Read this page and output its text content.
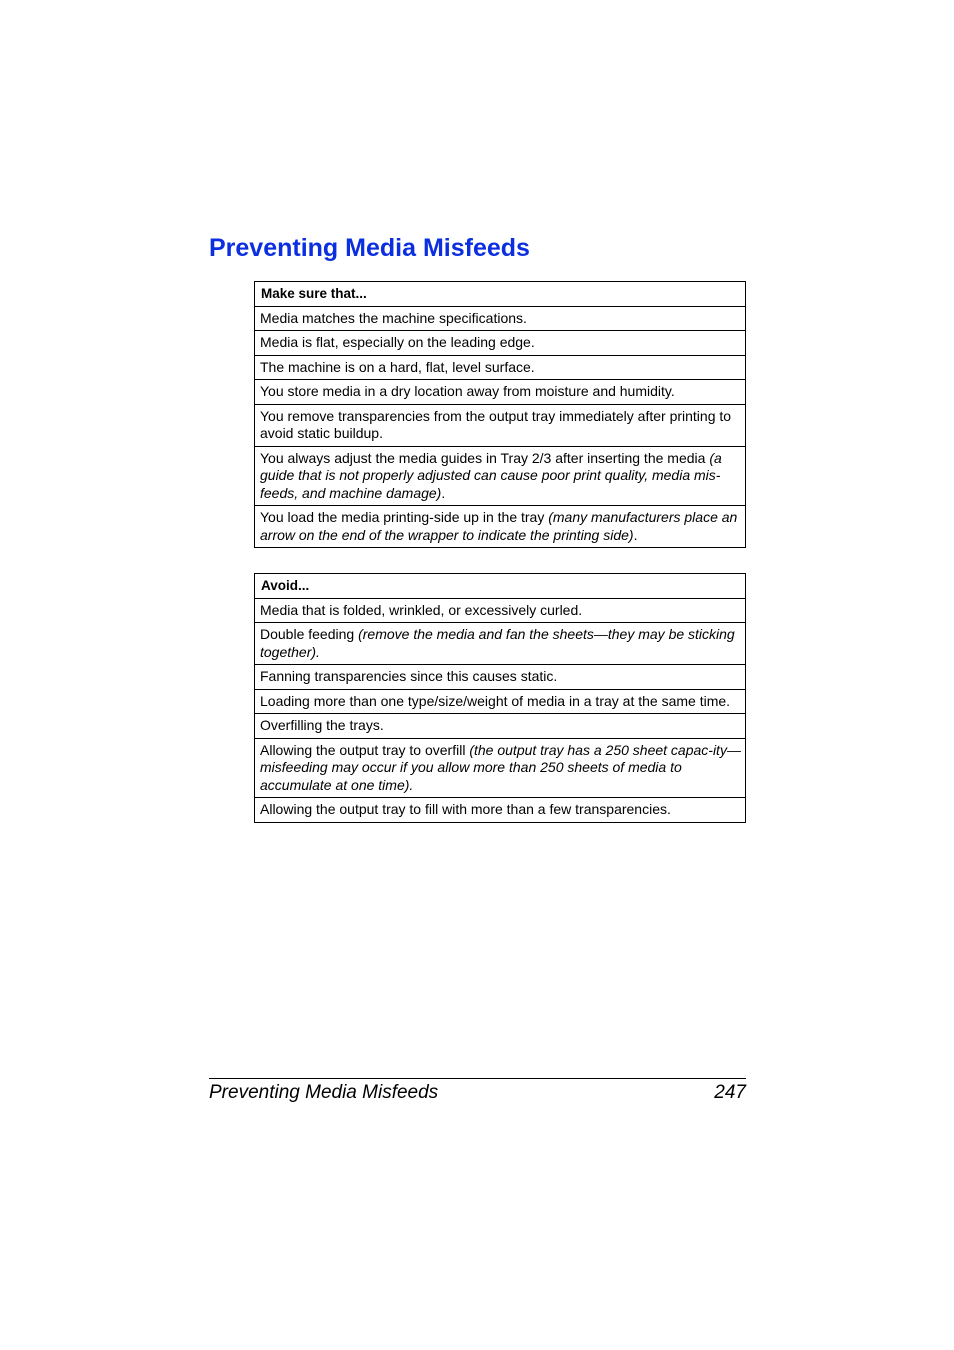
Preventing Media Misfeeds
Make sure that...
Media matches the machine specifications.
Media is flat, especially on the leading edge.
The machine is on a hard, flat, level surface.
You store media in a dry location away from moisture and humidity.
You remove transparencies from the output tray immediately after printing to avoid static buildup.
You always adjust the media guides in Tray 2/3 after inserting the media (a guide that is not properly adjusted can cause poor print quality, media mis-feeds, and machine damage).
You load the media printing-side up in the tray (many manufacturers place an arrow on the end of the wrapper to indicate the printing side).
Avoid...
Media that is folded, wrinkled, or excessively curled.
Double feeding (remove the media and fan the sheets—they may be sticking together).
Fanning transparencies since this causes static.
Loading more than one type/size/weight of media in a tray at the same time.
Overfilling the trays.
Allowing the output tray to overfill (the output tray has a 250 sheet capac-ity—misfeeding may occur if you allow more than 250 sheets of media to accumulate at one time).
Allowing the output tray to fill with more than a few transparencies.
Preventing Media Misfeeds	247
